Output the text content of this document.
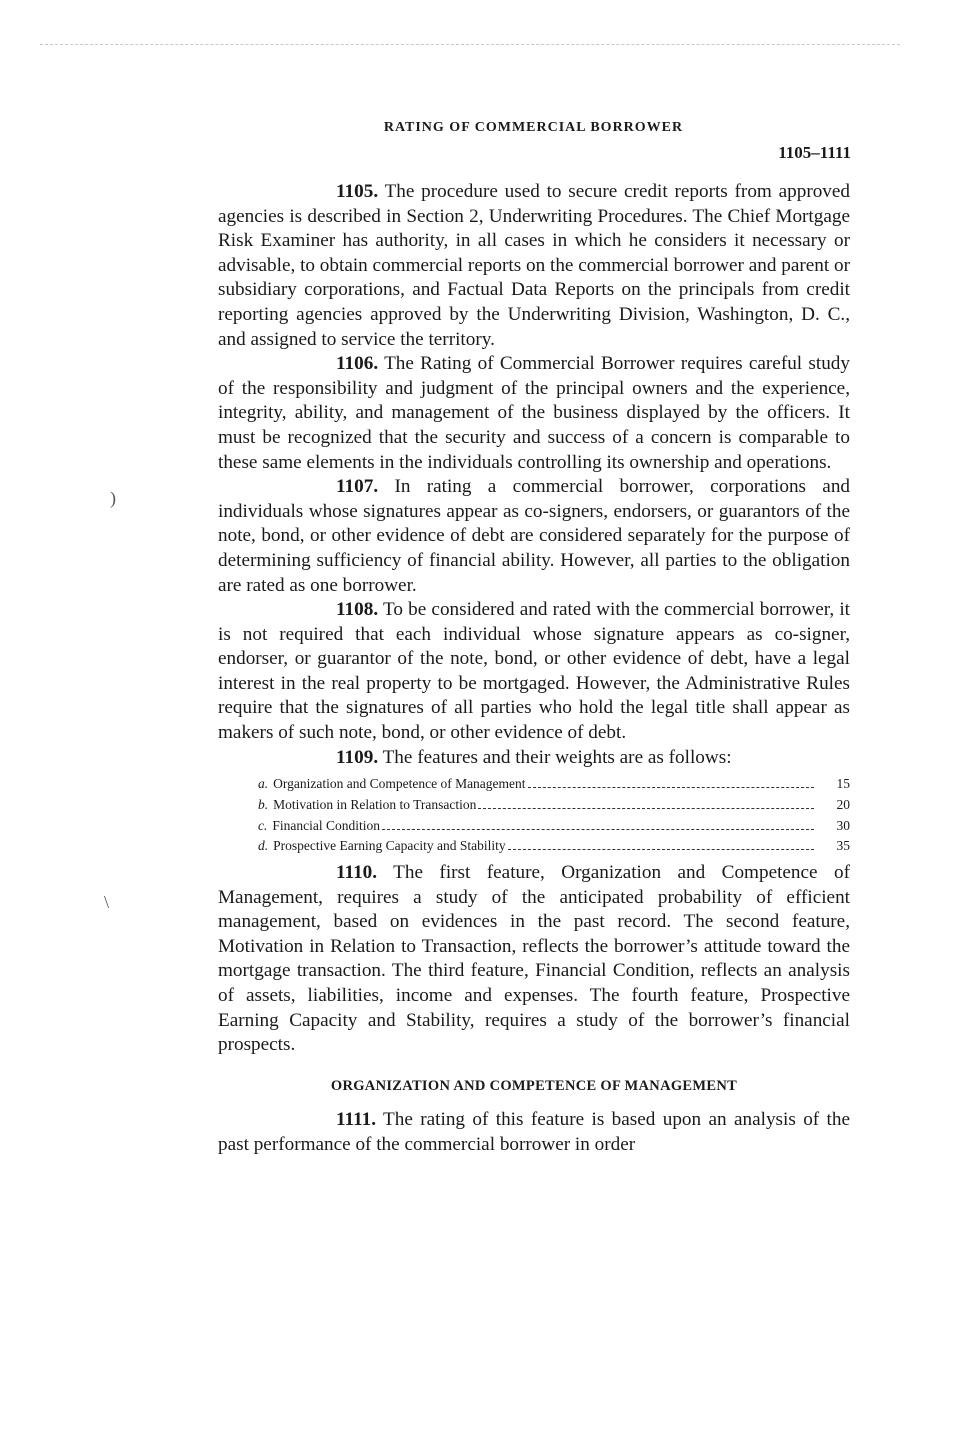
)
\
RATING OF COMMERCIAL BORROWER
1105–1111

1105. The procedure used to secure credit reports from approved agencies is described in Section 2, Underwriting Procedures. The Chief Mortgage Risk Examiner has authority, in all cases in which he considers it necessary or advisable, to obtain commercial reports on the commercial borrower and parent or subsidiary corporations, and Factual Data Reports on the principals from credit reporting agencies approved by the Underwriting Division, Washington, D. C., and assigned to service the territory.

1106. The Rating of Commercial Borrower requires careful study of the responsibility and judgment of the principal owners and the experience, integrity, ability, and management of the business displayed by the officers. It must be recognized that the security and success of a concern is comparable to these same elements in the individuals controlling its ownership and operations.

1107. In rating a commercial borrower, corporations and individuals whose signatures appear as co-signers, endorsers, or guarantors of the note, bond, or other evidence of debt are considered separately for the purpose of determining sufficiency of financial ability. However, all parties to the obligation are rated as one borrower.

1108. To be considered and rated with the commercial borrower, it is not required that each individual whose signature appears as co-signer, endorser, or guarantor of the note, bond, or other evidence of debt, have a legal interest in the real property to be mortgaged. However, the Administrative Rules require that the signatures of all parties who hold the legal title shall appear as makers of such note, bond, or other evidence of debt.

1109. The features and their weights are as follows:

a. Organization and Competence of Management	15
b. Motivation in Relation to Transaction	20
c. Financial Condition	30
d. Prospective Earning Capacity and Stability	35

1110. The first feature, Organization and Competence of Management, requires a study of the anticipated probability of efficient management, based on evidences in the past record. The second feature, Motivation in Relation to Transaction, reflects the borrower’s attitude toward the mortgage transaction. The third feature, Financial Condition, reflects an analysis of assets, liabilities, income and expenses. The fourth feature, Prospective Earning Capacity and Stability, requires a study of the borrower’s financial prospects.

ORGANIZATION AND COMPETENCE OF MANAGEMENT

1111. The rating of this feature is based upon an analysis of the past performance of the commercial borrower in order
